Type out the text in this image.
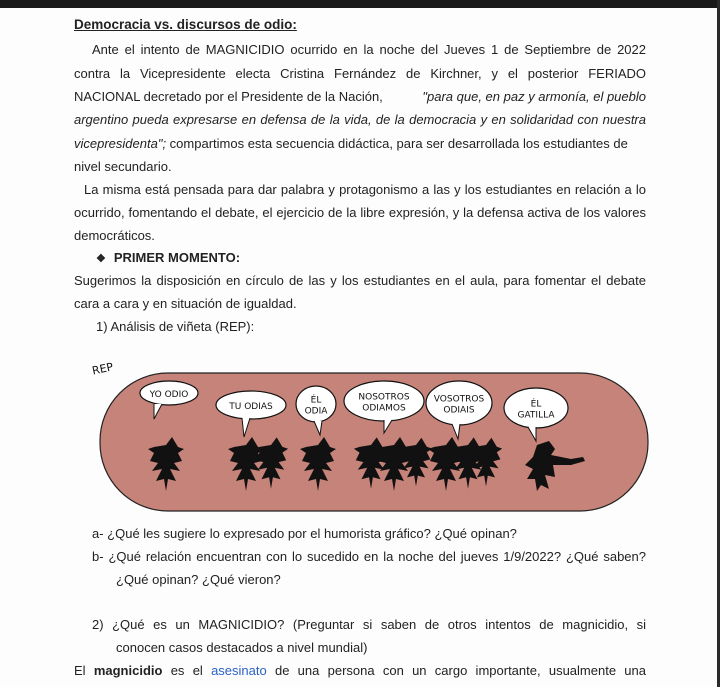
Democracia vs. discursos de odio:
Ante el intento de MAGNICIDIO ocurrido en la noche del Jueves 1 de Septiembre de 2022
contra la Vicepresidente electa Cristina Fernández de Kirchner, y el posterior FERIADO
NACIONAL decretado por el Presidente de la Nación,	"para que, en paz y armonía, el pueblo
argentino pueda expresarse en defensa de la vida, de la democracia y en solidaridad con nuestra
vicepresidenta"; compartimos esta secuencia didáctica, para ser desarrollada los estudiantes de
nivel secundario.
La misma está pensada para dar palabra y protagonismo a las y los estudiantes en relación a lo
ocurrido, fomentando el debate, el ejercicio de la libre expresión, y la defensa activa de los valores
democráticos.
❖ PRIMER MOMENTO:
Sugerimos la disposición en círculo de las y los estudiantes en el aula, para fomentar el debate
cara a cara y en situación de igualdad.
1) Análisis de viñeta (REP):
REP
YO ODIO
TU ODIAS
ÉL
ODIA
NOSOTROS
ODIAMOS
VOSOTROS
ODIAIS
ÉL
GATILLA
a- ¿Qué les sugiere lo expresado por el humorista gráfico? ¿Qué opinan?
b- ¿Qué relación encuentran con lo sucedido en la noche del jueves 1/9/2022? ¿Qué saben?
¿Qué opinan? ¿Qué vieron?
2) ¿Qué es un MAGNICIDIO? (Preguntar si saben de otros intentos de magnicidio, si
conocen casos destacados a nivel mundial)
El magnicidio es el asesinato de una persona con un cargo importante, usualmente una
